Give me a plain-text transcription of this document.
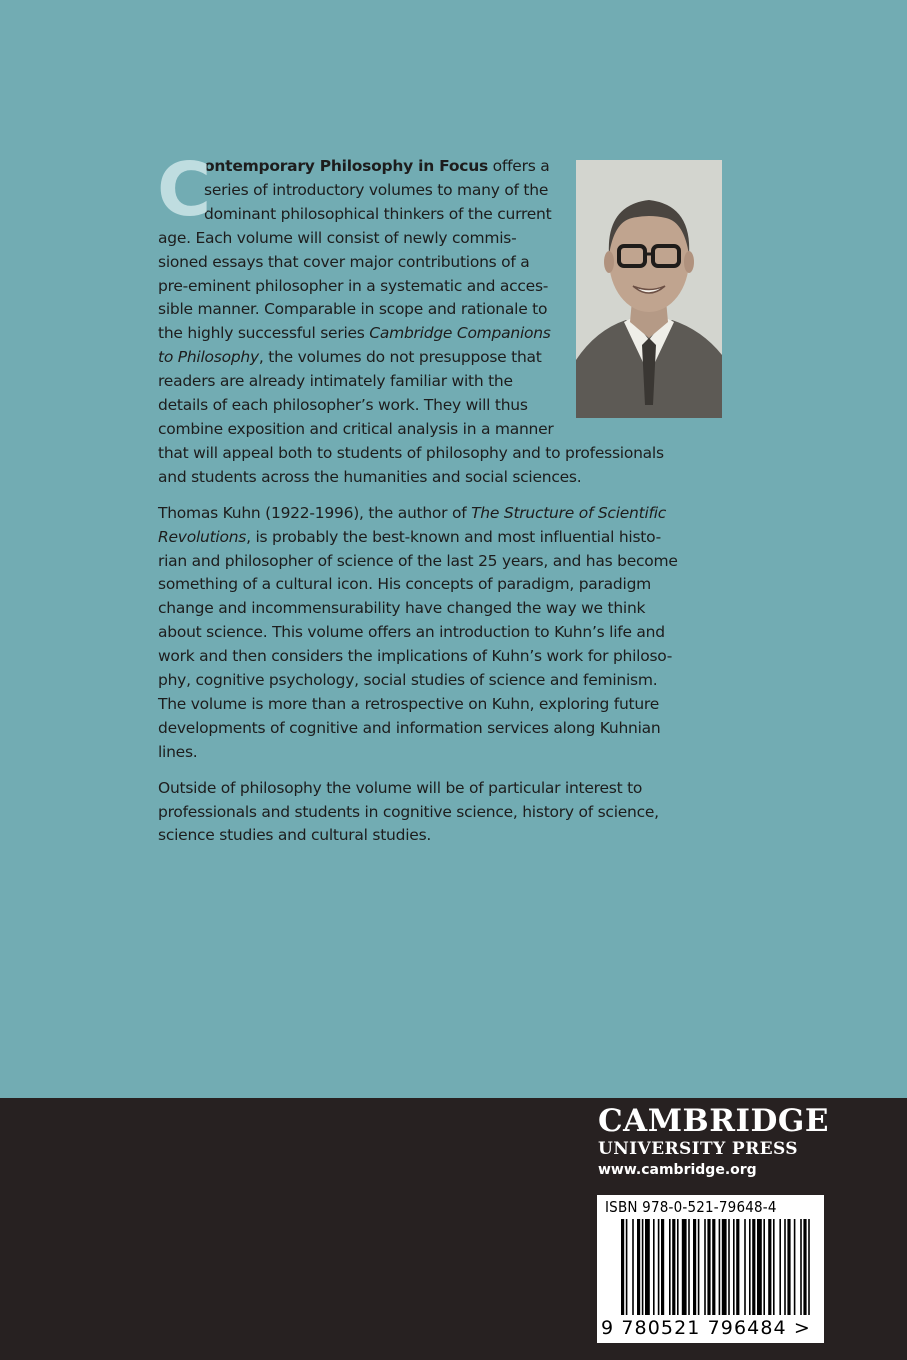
C
ontemporary Philosophy in Focus offers a
series of introductory volumes to many of the
dominant philosophical thinkers of the current
age. Each volume will consist of newly commis-
sioned essays that cover major contributions of a
pre-eminent philosopher in a systematic and acces-
sible manner. Comparable in scope and rationale to
the highly successful series Cambridge Companions
to Philosophy, the volumes do not presuppose that
readers are already intimately familiar with the
details of each philosopher’s work. They will thus
combine exposition and critical analysis in a manner
that will appeal both to students of philosophy and to professionals
and students across the humanities and social sciences.
Thomas Kuhn (1922-1996), the author of The Structure of Scientific
Revolutions, is probably the best-known and most influential histo-
rian and philosopher of science of the last 25 years, and has become
something of a cultural icon. His concepts of paradigm, paradigm
change and incommensurability have changed the way we think
about science. This volume offers an introduction to Kuhn’s life and
work and then considers the implications of Kuhn’s work for philoso-
phy, cognitive psychology, social studies of science and feminism.
The volume is more than a retrospective on Kuhn, exploring future
developments of cognitive and information services along Kuhnian
lines.
Outside of philosophy the volume will be of particular interest to
professionals and students in cognitive science, history of science,
science studies and cultural studies.
CAMBRIDGE
UNIVERSITY PRESS
www.cambridge.org
ISBN 978-0-521-79648-4
9 780521 796484 >
